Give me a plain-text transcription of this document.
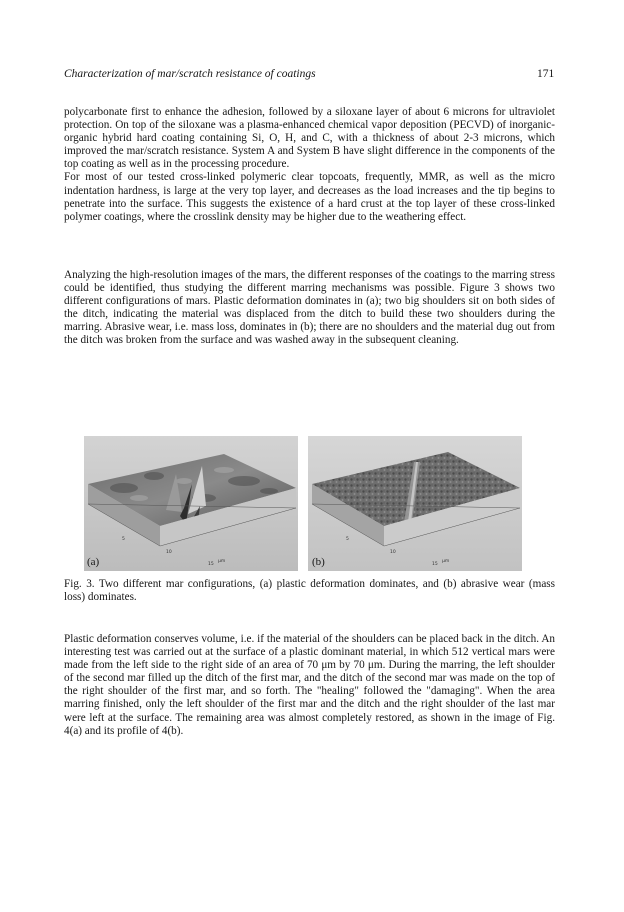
Characterization of mar/scratch resistance of coatings	171

polycarbonate first to enhance the adhesion, followed by a siloxane layer of about 6 microns for ultraviolet protection. On top of the siloxane was a plasma-enhanced chemical vapor deposition (PECVD) of inorganic-organic hybrid hard coating containing Si, O, H, and C, with a thickness of about 2-3 microns, which improved the mar/scratch resistance. System A and System B have slight difference in the components of the top coating as well as in the processing procedure.
For most of our tested cross-linked polymeric clear topcoats, frequently, MMR, as well as the micro indentation hardness, is large at the very top layer, and decreases as the load increases and the tip begins to penetrate into the surface. This suggests the existence of a hard crust at the top layer of these cross-linked polymer coatings, where the crosslink density may be higher due to the weathering effect.

Analyzing the high-resolution images of the mars, the different responses of the coatings to the marring stress could be identified, thus studying the different marring mechanisms was possible. Figure 3 shows two different configurations of mars. Plastic deformation dominates in (a); two big shoulders sit on both sides of the ditch, indicating the material was displaced from the ditch to build these two shoulders during the marring. Abrasive wear, i.e. mass loss, dominates in (b); there are no shoulders and the material dug out from the ditch was broken from the surface and was washed away in the subsequent cleaning.

5
10
15
μm
5
10
15
μm
(a)	(b)

Fig. 3. Two different mar configurations, (a) plastic deformation dominates, and (b) abrasive wear (mass loss) dominates.

Plastic deformation conserves volume, i.e. if the material of the shoulders can be placed back in the ditch. An interesting test was carried out at the surface of a plastic dominant material, in which 512 vertical mars were made from the left side to the right side of an area of 70 μm by 70 μm. During the marring, the left shoulder of the second mar filled up the ditch of the first mar, and the ditch of the second mar was made on the top of the right shoulder of the first mar, and so forth. The "healing" followed the "damaging". When the area marring finished, only the left shoulder of the first mar and the ditch and the right shoulder of the last mar were left at the surface. The remaining area was almost completely restored, as shown in the image of Fig. 4(a) and its profile of 4(b).
